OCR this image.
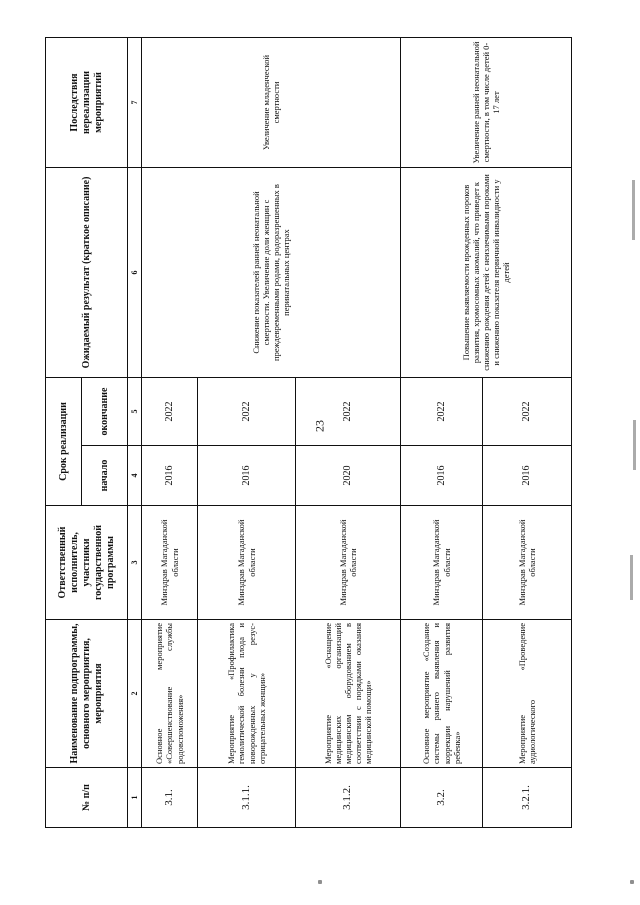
23
№ п/п	Наименование подпрограммы, основного мероприятия, мероприятия	Ответственный исполнитель, участники государственной программы	Срок реализации		Ожидаемый результат (краткое описание)	Последствия нереализации мероприятий
			начало	окончание		
1	2	3	4	5	6	7
3.1.	Основное мероприятие «Совершенствование службы родовспоможения»	Минздрав Магаданской области	2016	2022	Снижение показателей ранней неонатальной смертности. Увеличение доли женщин с преждевременными родами, родоразрешенных в перинатальных центрах	Увеличение младенческой смертности
3.1.1.	Мероприятие «Профилактика гемолитической болезни плода и новорожденных у резус-отрицательных женщин»	Минздрав Магаданской области	2016	2022		
3.1.2.	Мероприятие «Оснащение медицинских организаций медицинским оборудованием в соответствии с порядками оказания медицинской помощи»	Минздрав Магаданской области	2020	2022		
3.2.	Основное мероприятие «Создание системы раннего выявления и коррекции нарушений развития ребенка»	Минздрав Магаданской области	2016	2022	Повышение выявляемости врожденных пороков развития, хромосомных аномалий, что приведет к снижению рождения детей с неизлечимыми пороками и снижению показателя первичной инвалидности у детей	Увеличение ранней неонатальной смертности, в том числе детей 0-17 лет
3.2.1.	Мероприятие «Проведение аудиологического	Минздрав Магаданской области	2016	2022		
